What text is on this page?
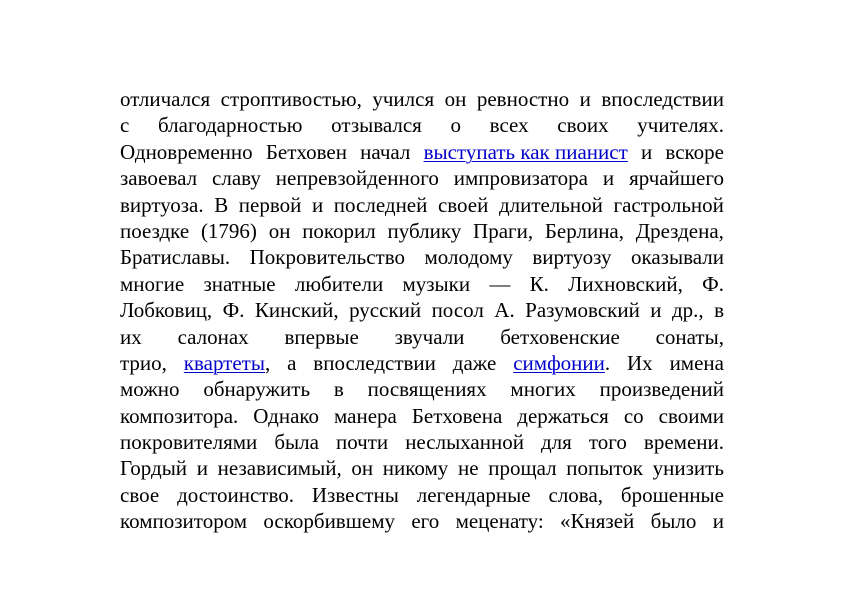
отличался строптивостью, учился он ревностно и впоследствии
с благодарностью отзывался о всех своих учителях.
Одновременно Бетховен начал выступать как пианист и вскоре
завоевал славу непревзойденного импровизатора и ярчайшего
виртуоза. В первой и последней своей длительной гастрольной
поездке (1796) он покорил публику Праги, Берлина, Дрездена,
Братиславы. Покровительство молодому виртуозу оказывали
многие знатные любители музыки — К. Лихновский, Ф.
Лобковиц, Ф. Кинский, русский посол А. Разумовский и др., в
их салонах впервые звучали бетховенские сонаты,
трио, квартеты, а впоследствии даже симфонии. Их имена
можно обнаружить в посвящениях многих произведений
композитора. Однако манера Бетховена держаться со своими
покровителями была почти неслыханной для того времени.
Гордый и независимый, он никому не прощал попыток унизить
свое достоинство. Известны легендарные слова, брошенные
композитором оскорбившему его меценату: «Князей было и
